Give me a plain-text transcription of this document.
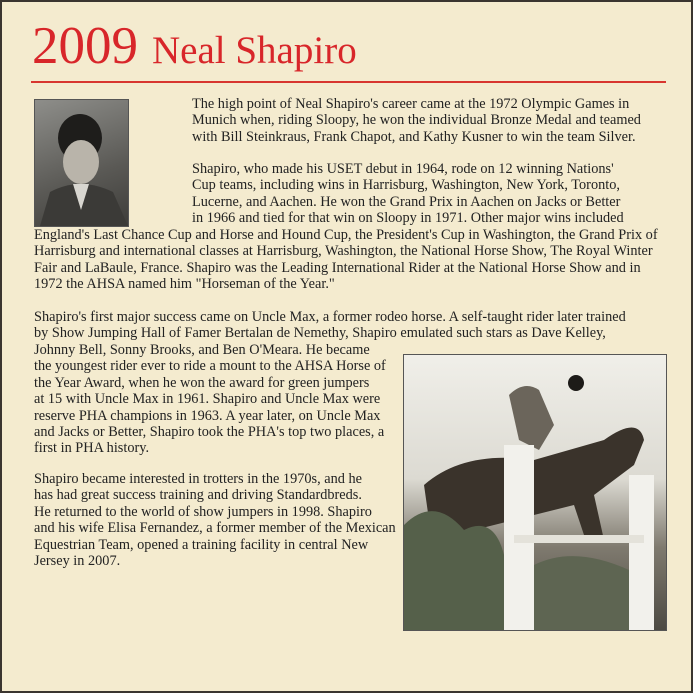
2009 Neal Shapiro
The high point of Neal Shapiro's career came at the 1972 Olympic Games in
Munich when, riding Sloopy, he won the individual Bronze Medal and teamed
with Bill Steinkraus, Frank Chapot, and Kathy Kusner to win the team Silver.
Shapiro, who made his USET debut in 1964, rode on 12 winning Nations'
Cup teams, including wins in Harrisburg, Washington, New York, Toronto,
Lucerne, and Aachen. He won the Grand Prix in Aachen on Jacks or Better
in 1966 and tied for that win on Sloopy in 1971. Other major wins included
England's Last Chance Cup and Horse and Hound Cup, the President's Cup in Washington, the Grand Prix of
Harrisburg and international classes at Harrisburg, Washington, the National Horse Show, The Royal Winter
Fair and LaBaule, France. Shapiro was the Leading International Rider at the National Horse Show and in
1972 the AHSA named him "Horseman of the Year."
Shapiro's first major success came on Uncle Max, a former rodeo horse. A self-taught rider later trained
by Show Jumping Hall of Famer Bertalan de Nemethy, Shapiro emulated such stars as Dave Kelley,
Johnny Bell, Sonny Brooks, and Ben O'Meara. He became
the youngest rider ever to ride a mount to the AHSA Horse of
the Year Award, when he won the award for green jumpers
at 15 with Uncle Max in 1961. Shapiro and Uncle Max were
reserve PHA champions in 1963. A year later, on Uncle Max
and Jacks or Better, Shapiro took the PHA's top two places, a
first in PHA history.
Shapiro became interested in trotters in the 1970s, and he
has had great success training and driving Standardbreds.
He returned to the world of show jumpers in 1998. Shapiro
and his wife Elisa Fernandez, a former member of the Mexican
Equestrian Team, opened a training facility in central New
Jersey in 2007.
